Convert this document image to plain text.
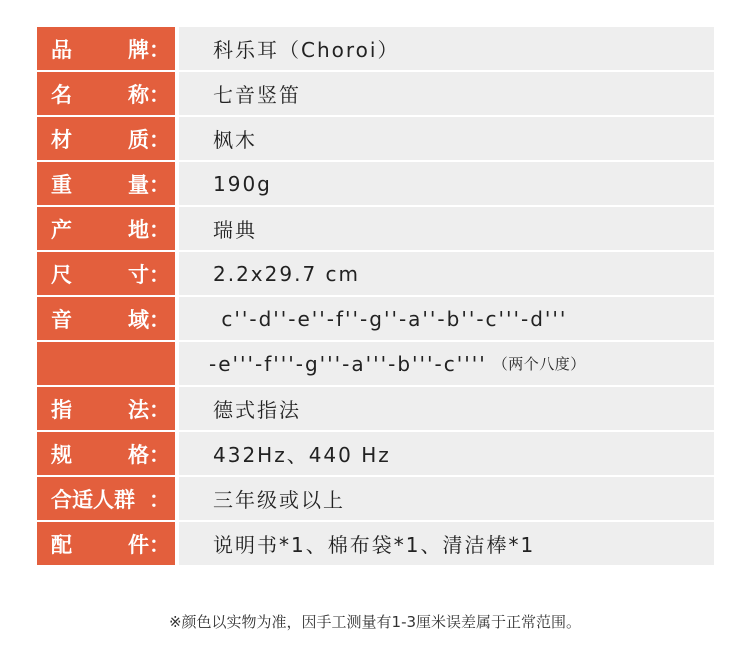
品	牌 ： 科乐耳（Choroi）
名	称 ： 七音竖笛
材	质 ： 枫木
重	量 ： 190g
产	地 ： 瑞典
尺	寸 ： 2.2x29.7 cm
音	域 ： c''-d''-e''-f''-g''-a''-b''-c'''-d'''
-e'''-f'''-g'''-a'''-b'''-c'''' （两个八度）
指	法 ： 德式指法
规	格 ： 432Hz、440 Hz
合适人群 ： 三年级或以上
配	件 ： 说明书*1、棉布袋*1、清洁棒*1
※颜色以实物为准，因手工测量有1-3厘米误差属于正常范围。
